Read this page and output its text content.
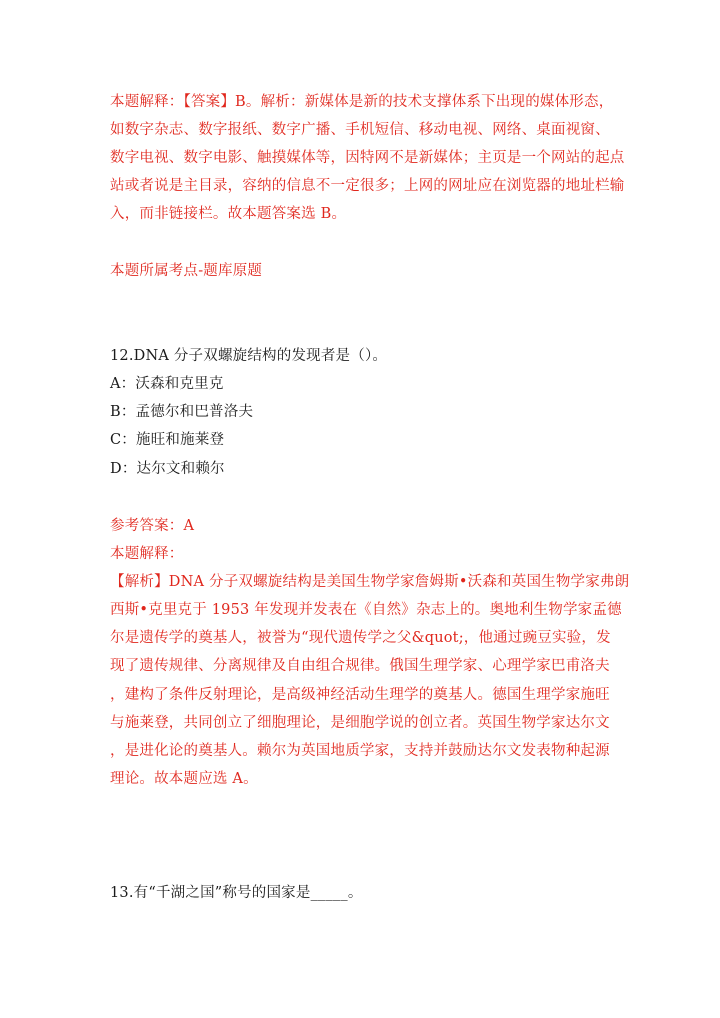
本题解释：【答案】B。解析：新媒体是新的技术支撑体系下出现的媒体形态，
如数字杂志、数字报纸、数字广播、手机短信、移动电视、网络、桌面视窗、
数字电视、数字电影、触摸媒体等，因特网不是新媒体；主页是一个网站的起点
站或者说是主目录，容纳的信息不一定很多；上网的网址应在浏览器的地址栏输
入，而非链接栏。故本题答案选 B。
本题所属考点-题库原题
12.DNA 分子双螺旋结构的发现者是（）。
A：沃森和克里克
B：孟德尔和巴普洛夫
C：施旺和施莱登
D：达尔文和赖尔
参考答案：A
本题解释：
【解析】DNA 分子双螺旋结构是美国生物学家詹姆斯•沃森和英国生物学家弗朗
西斯•克里克于 1953 年发现并发表在《自然》杂志上的。奥地利生物学家孟德
尔是遗传学的奠基人，被誉为“现代遗传学之父&quot;，他通过豌豆实验，发
现了遗传规律、分离规律及自由组合规律。俄国生理学家、心理学家巴甫洛夫
，建构了条件反射理论，是高级神经活动生理学的奠基人。德国生理学家施旺
与施莱登，共同创立了细胞理论，是细胞学说的创立者。英国生物学家达尔文
，是进化论的奠基人。赖尔为英国地质学家，支持并鼓励达尔文发表物种起源
理论。故本题应选 A。
13.有“千湖之国”称号的国家是_____。
